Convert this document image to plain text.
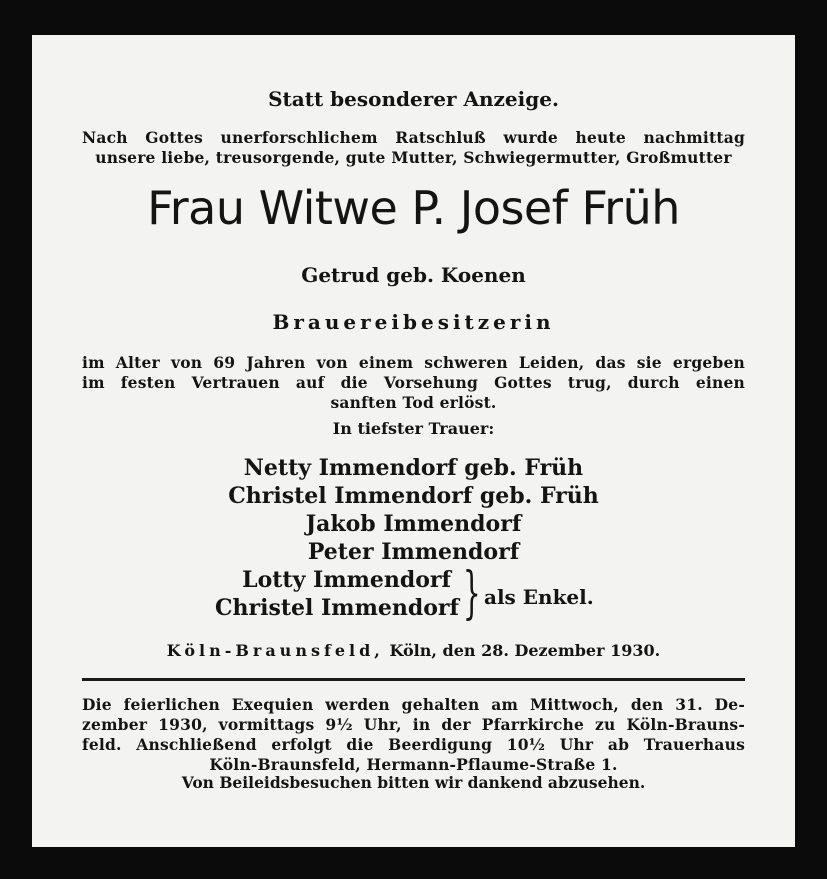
Statt besonderer Anzeige.
Nach Gottes unerforschlichem Ratschluß wurde heute nachmittag
unsere liebe, treusorgende, gute Mutter, Schwiegermutter, Großmutter
Frau Witwe P. Josef Früh
Getrud geb. Koenen
Brauereibesitzerin
im Alter von 69 Jahren von einem schweren Leiden, das sie ergeben
im festen Vertrauen auf die Vorsehung Gottes trug, durch einen
sanften Tod erlöst.
In tiefster Trauer:
Netty Immendorf geb. Früh
Christel Immendorf geb. Früh
Jakob Immendorf
Peter Immendorf
Lotty Immendorf
Christel Immendorf } als Enkel.
Köln-Braunsfeld, Köln, den 28. Dezember 1930.
Die feierlichen Exequien werden gehalten am Mittwoch, den 31. De-
zember 1930, vormittags 9½ Uhr, in der Pfarrkirche zu Köln-Brauns-
feld. Anschließend erfolgt die Beerdigung 10½ Uhr ab Trauerhaus
Köln-Braunsfeld, Hermann-Pflaume-Straße 1.
Von Beileidsbesuchen bitten wir dankend abzusehen.
